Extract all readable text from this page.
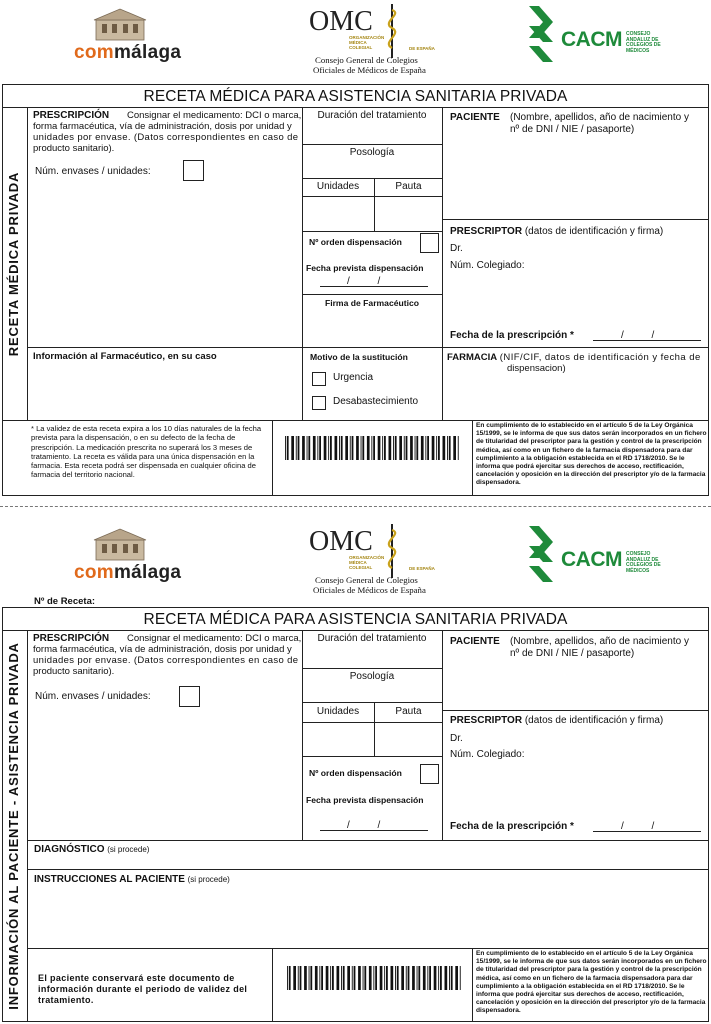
commálaga
OMC
ORGANIZACIÓN
MÉDICA
COLEGIAL	DE ESPAÑA
Consejo General de Colegios
Oficiales de Médicos de España
CACM CONSEJO
ANDALUZ DE
COLEGIOS DE
MÉDICOS
RECETA MÉDICA PARA ASISTENCIA SANITARIA PRIVADA
RECETA MÉDICA PRIVADA
PRESCRIPCIÓN Consignar el medicamento: DCI o marca,
forma farmacéutica, vía de administración, dosis por unidad y
unidades por envase. (Datos correspondientes en caso de
producto sanitario).
Núm. envases / unidades:
Duración del tratamiento
Posología
Unidades	Pauta
Nº orden dispensación
Fecha prevista dispensación
/          /
Firma de Farmacéutico
PACIENTE (Nombre, apellidos, año de nacimiento y
nº de DNI / NIE / pasaporte)
PRESCRIPTOR (datos de identificación y firma)
Dr.
Núm. Colegiado:
Fecha de la prescripción *	/          /
Información al Farmacéutico, en su caso	Motivo de la sustitución
Urgencia
Desabastecimiento
FARMACIA (NIF/CIF, datos de identificación y fecha de
dispensacion)
* La validez de esta receta expira a los 10 días naturales de la fecha
prevista para la dispensación, o en su defecto de la fecha de
prescripción. La medicación prescrita no superará los 3 meses de
tratamiento. La receta es válida para una única dispensación en la
farmacia. Esta receta podrá ser dispensada en cualquier oficina de
farmacia del territorio nacional.
En cumplimiento de lo establecido en el artículo 5 de la Ley Orgánica
15/1999, se le informa de que sus datos serán incorporados en un fichero
de titularidad del prescriptor para la gestión y control de la prescripción
médica, así como en un fichero de la farmacia dispensadora para dar
cumplimiento a la obligación establecida en el RD 1718/2010. Se le
informa que podrá ejercitar sus derechos de acceso, rectificación,
cancelación y oposición en la dirección del prescriptor y/o de la farmacia
dispensadora.
commálaga
OMC
ORGANIZACIÓN
MÉDICA
COLEGIAL	DE ESPAÑA
Consejo General de Colegios
Oficiales de Médicos de España
CACM CONSEJO
ANDALUZ DE
COLEGIOS DE
MÉDICOS
Nº de Receta:
RECETA MÉDICA PARA ASISTENCIA SANITARIA PRIVADA
INFORMACIÓN AL PACIENTE - ASISTENCIA PRIVADA
PRESCRIPCIÓN Consignar el medicamento: DCI o marca,
forma farmacéutica, vía de administración, dosis por unidad y
unidades por envase. (Datos correspondientes en caso de
producto sanitario).
Núm. envases / unidades:
Duración del tratamiento
Posología
Unidades	Pauta
Nº orden dispensación
Fecha prevista dispensación
/          /
PACIENTE (Nombre, apellidos, año de nacimiento y
nº de DNI / NIE / pasaporte)
PRESCRIPTOR (datos de identificación y firma)
Dr.
Núm. Colegiado:
Fecha de la prescripción *	/          /
DIAGNÓSTICO (si procede)
INSTRUCCIONES AL PACIENTE (si procede)
El paciente conservará este documento de
información durante el periodo de validez del
tratamiento.
En cumplimiento de lo establecido en el artículo 5 de la Ley Orgánica
15/1999, se le informa de que sus datos serán incorporados en un fichero
de titularidad del prescriptor para la gestión y control de la prescripción
médica, así como en un fichero de la farmacia dispensadora para dar
cumplimiento a la obligación establecida en el RD 1718/2010. Se le
informa que podrá ejercitar sus derechos de acceso, rectificación,
cancelación y oposición en la dirección del prescriptor y/o de la farmacia
dispensadora.
